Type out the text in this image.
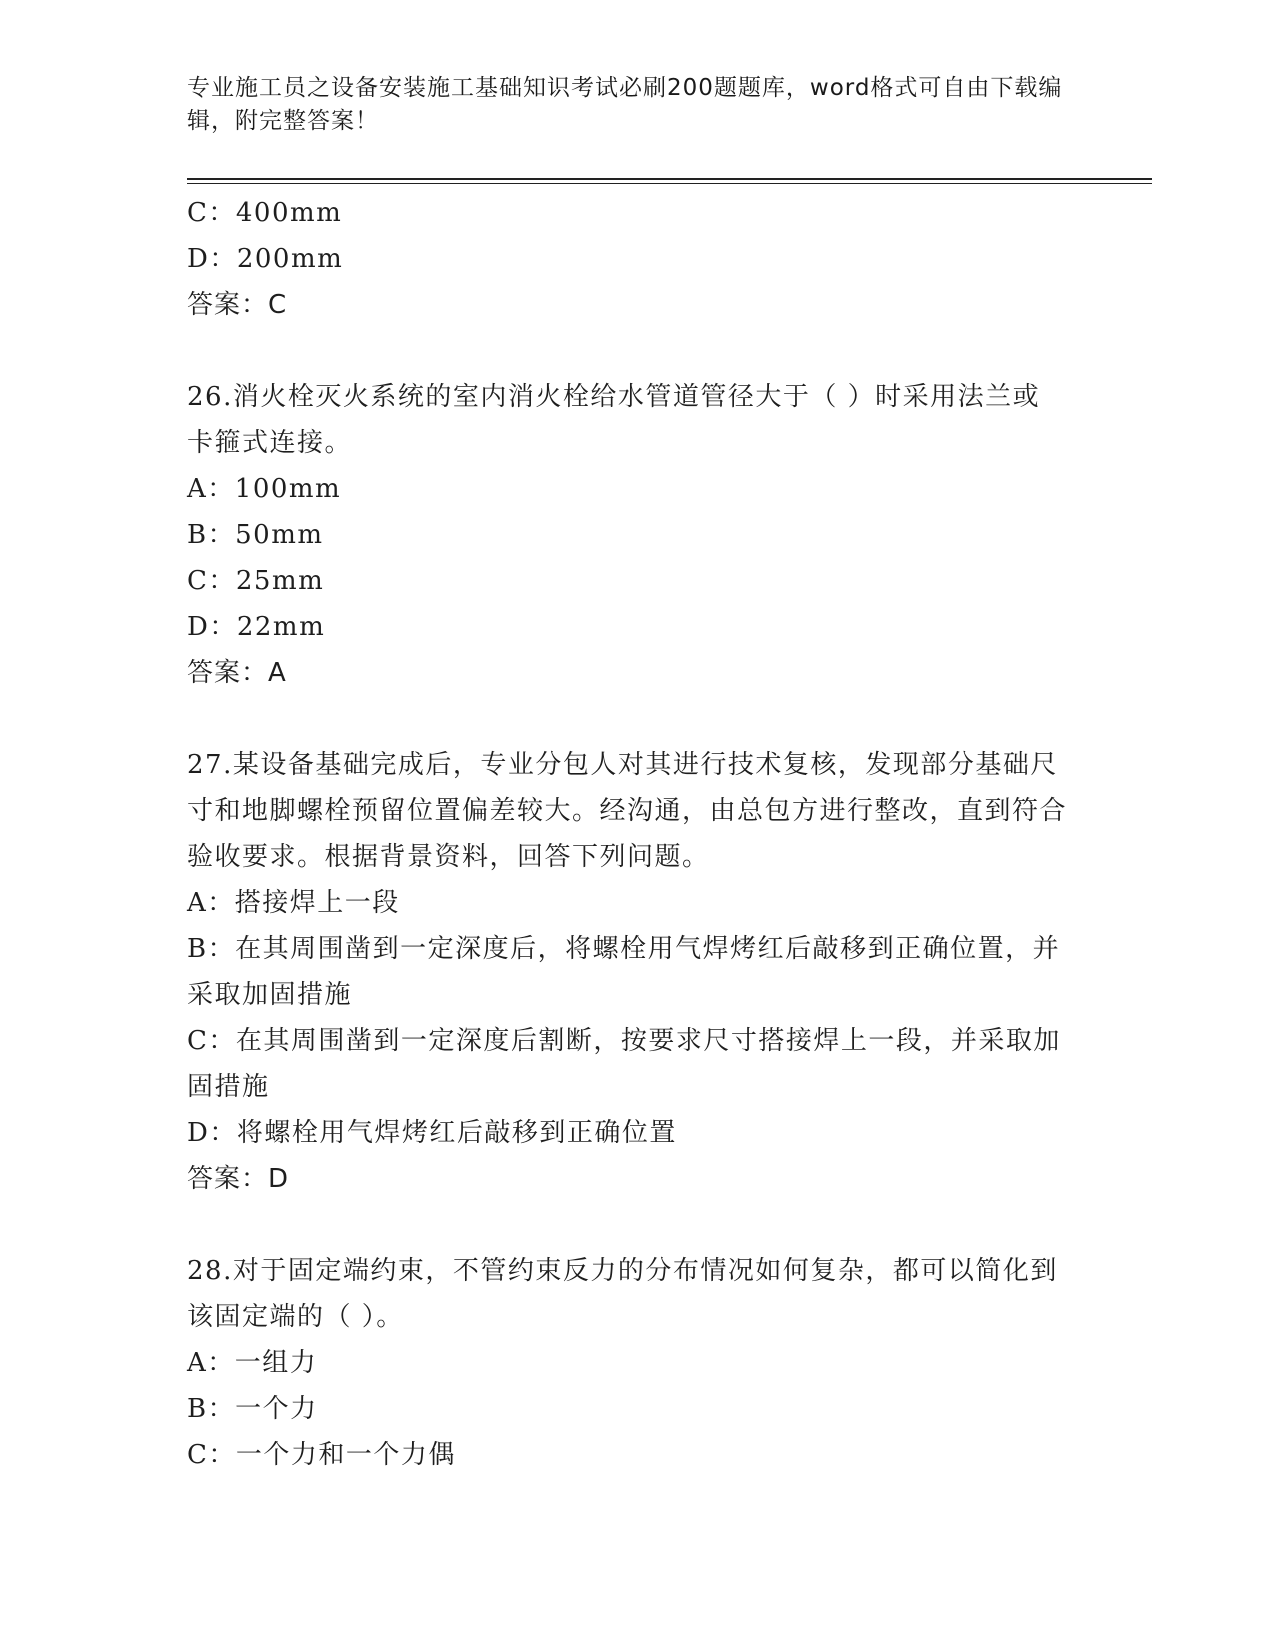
专业施工员之设备安装施工基础知识考试必刷200题题库，word格式可自由下载编辑，附完整答案！
C：400mm
D：200mm
答案：C
26.消火栓灭火系统的室内消火栓给水管道管径大于（ ）时采用法兰或卡箍式连接。
A：100mm
B：50mm
C：25mm
D：22mm
答案：A
27.某设备基础完成后，专业分包人对其进行技术复核，发现部分基础尺寸和地脚螺栓预留位置偏差较大。经沟通，由总包方进行整改，直到符合验收要求。根据背景资料，回答下列问题。
A：搭接焊上一段
B：在其周围凿到一定深度后，将螺栓用气焊烤红后敲移到正确位置，并采取加固措施
C：在其周围凿到一定深度后割断，按要求尺寸搭接焊上一段，并采取加固措施
D：将螺栓用气焊烤红后敲移到正确位置
答案：D
28.对于固定端约束，不管约束反力的分布情况如何复杂，都可以简化到该固定端的（ ）。
A：一组力
B：一个力
C：一个力和一个力偶
